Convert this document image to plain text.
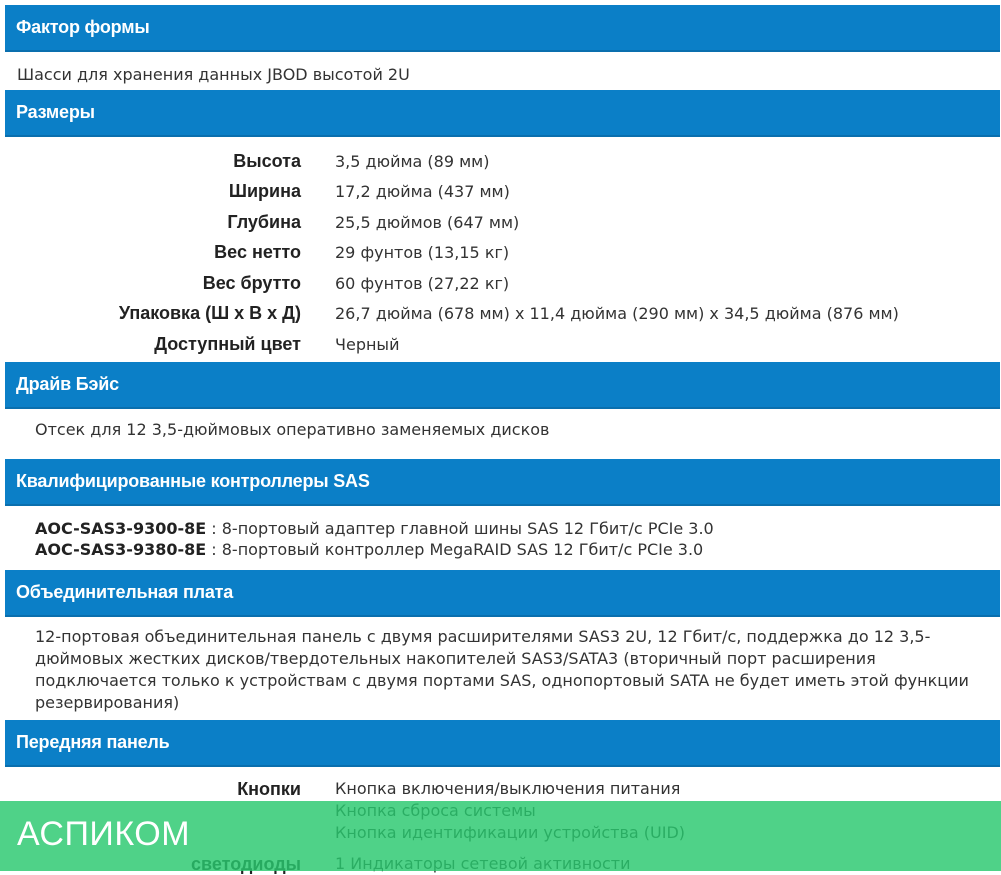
Фактор формы
Шасси для хранения данных JBOD высотой 2U
Размеры
Высота 3,5 дюйма (89 мм)
Ширина 17,2 дюйма (437 мм)
Глубина 25,5 дюймов (647 мм)
Вес нетто 29 фунтов (13,15 кг)
Вес брутто 60 фунтов (27,22 кг)
Упаковка (Ш х В х Д) 26,7 дюйма (678 мм) x 11,4 дюйма (290 мм) x 34,5 дюйма (876 мм)
Доступный цвет Черный
Драйв Бэйс
Отсек для 12 3,5-дюймовых оперативно заменяемых дисков
Квалифицированные контроллеры SAS
AOC-SAS3-9300-8E : 8-портовый адаптер главной шины SAS 12 Гбит/с PCIe 3.0
AOC-SAS3-9380-8E : 8-портовый контроллер MegaRAID SAS 12 Гбит/с PCIe 3.0
Объединительная плата
12-портовая объединительная панель с двумя расширителями SAS3 2U, 12 Гбит/с, поддержка до 12 3,5-дюймовых жестких дисков/твердотельных накопителей SAS3/SATA3 (вторичный порт расширения подключается только к устройствам с двумя портами SAS, однопортовый SATA не будет иметь этой функции резервирования)
Передняя панель
Кнопки Кнопка включения/выключения питания
АСПИКОМ
